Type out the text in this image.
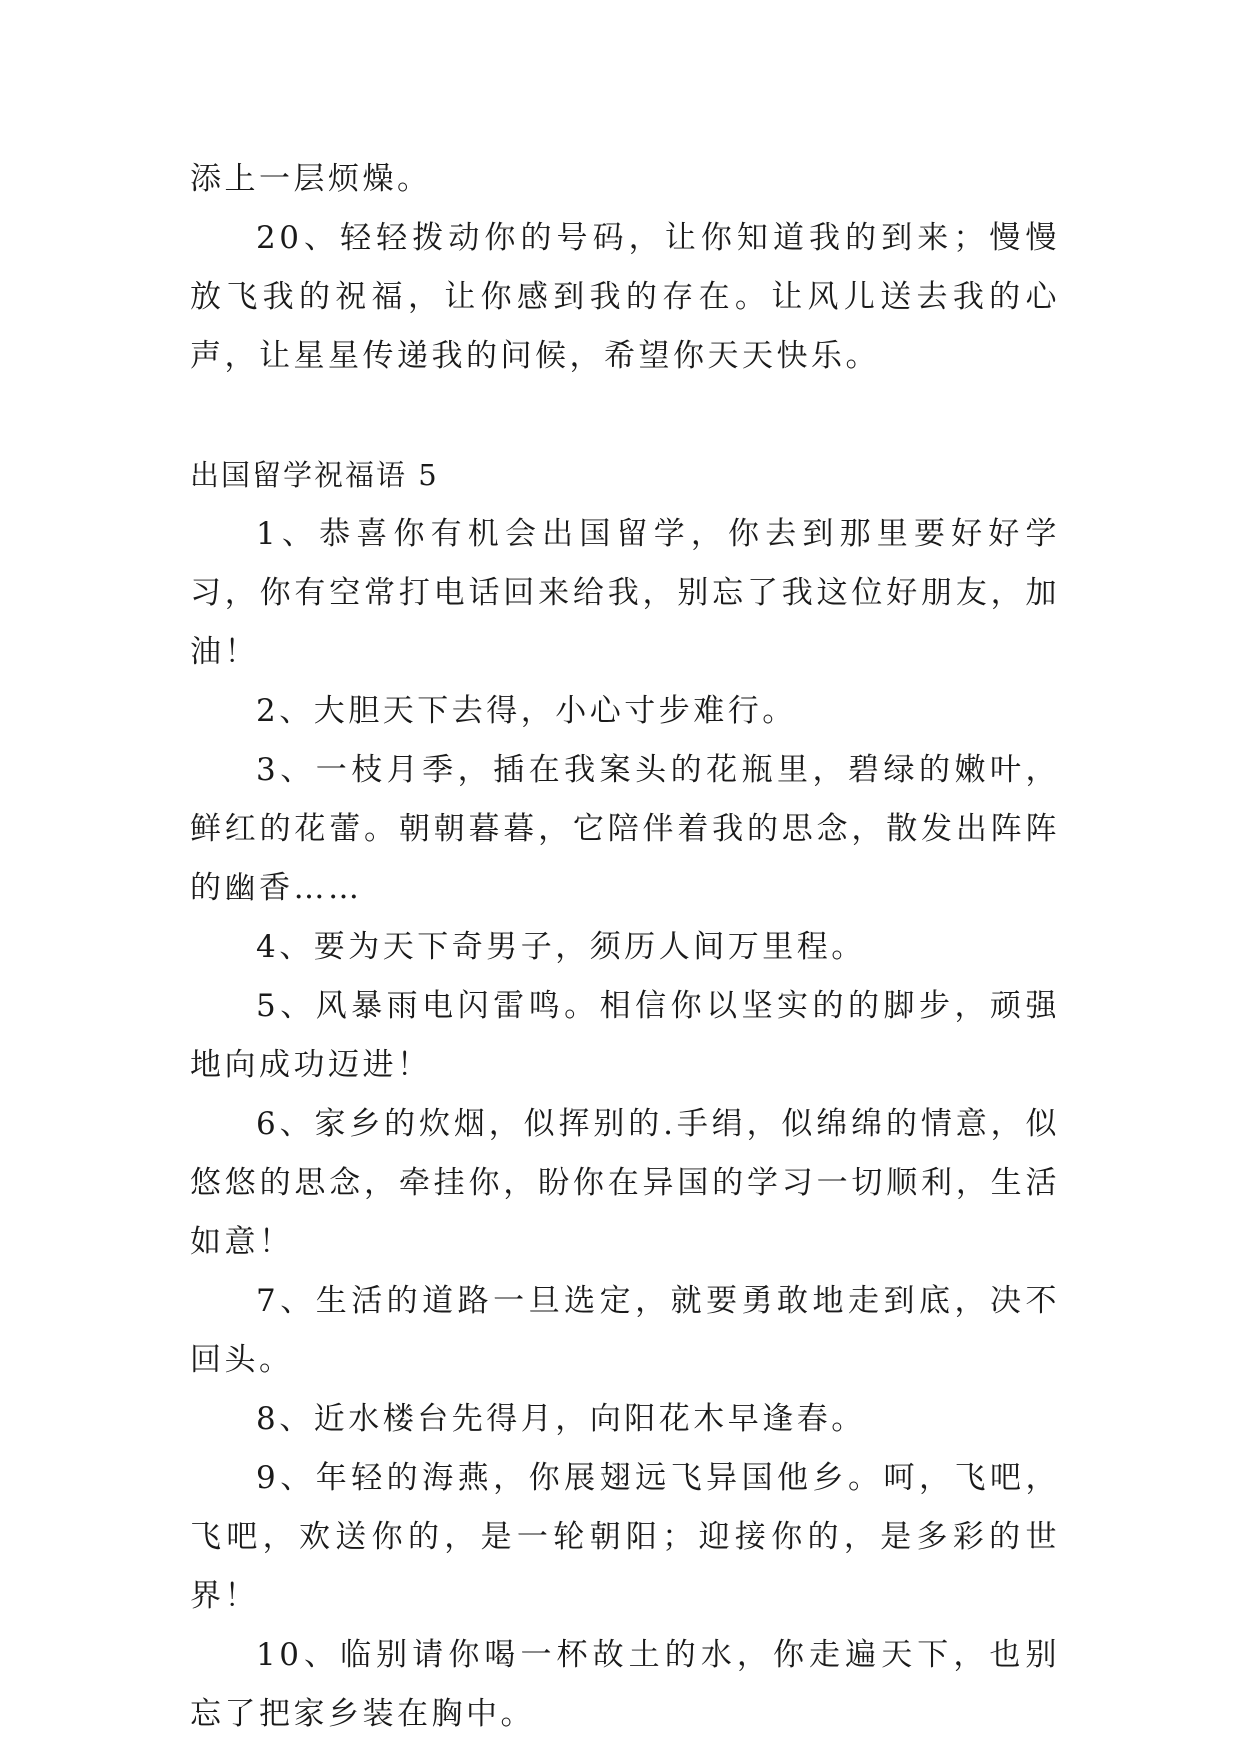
添上一层烦燥。

20、轻轻拨动你的号码，让你知道我的到来；慢慢放飞我的祝福，让你感到我的存在。让风儿送去我的心声，让星星传递我的问候，希望你天天快乐。

出国留学祝福语 5

1、恭喜你有机会出国留学，你去到那里要好好学习，你有空常打电话回来给我，别忘了我这位好朋友，加油！

2、大胆天下去得，小心寸步难行。

3、一枝月季，插在我案头的花瓶里，碧绿的嫩叶，鲜红的花蕾。朝朝暮暮，它陪伴着我的思念，散发出阵阵的幽香……

4、要为天下奇男子，须历人间万里程。

5、风暴雨电闪雷鸣。相信你以坚实的的脚步，顽强地向成功迈进！

6、家乡的炊烟，似挥别的.手绢，似绵绵的情意，似悠悠的思念，牵挂你，盼你在异国的学习一切顺利，生活如意！

7、生活的道路一旦选定，就要勇敢地走到底，决不回头。

8、近水楼台先得月，向阳花木早逢春。

9、年轻的海燕，你展翅远飞异国他乡。呵，飞吧，飞吧，欢送你的，是一轮朝阳；迎接你的，是多彩的世界！

10、临别请你喝一杯故土的水，你走遍天下，也别忘了把家乡装在胸中。
